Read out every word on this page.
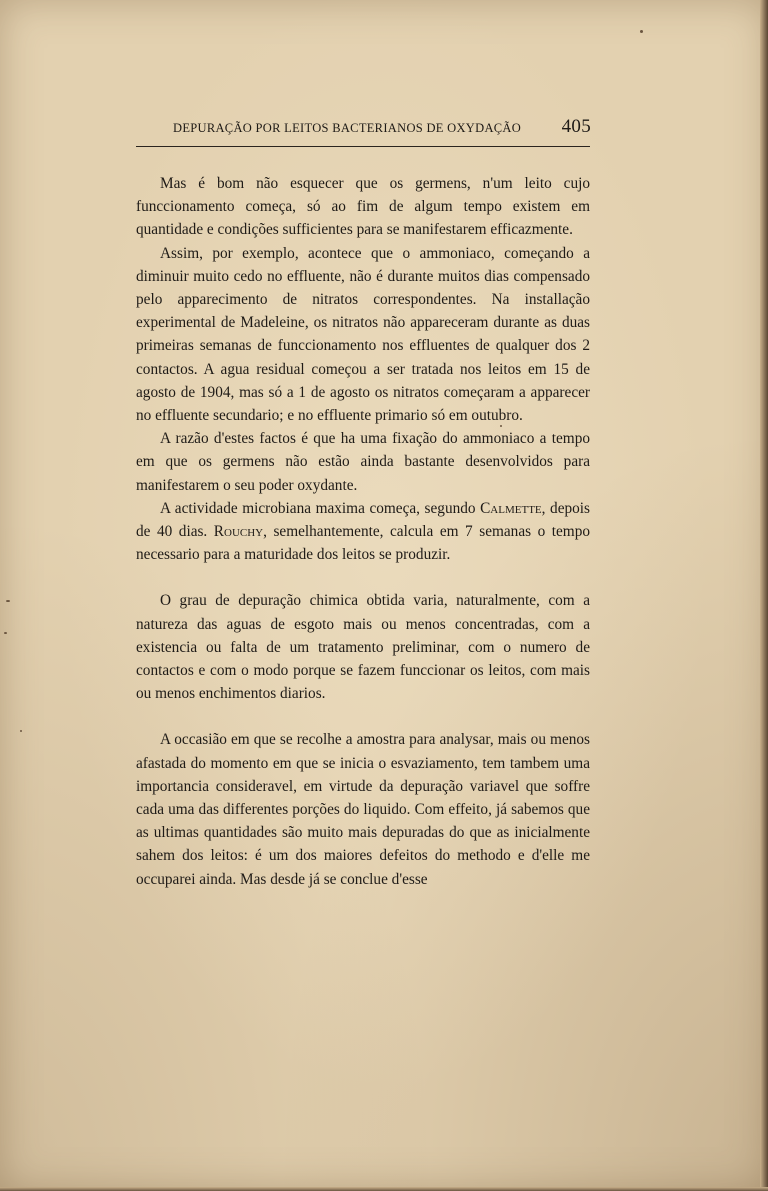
DEPURAÇÃO POR LEITOS BACTERIANOS DE OXYDAÇÃO 405

Mas é bom não esquecer que os germens, n'um leito cujo funccionamento começa, só ao fim de algum tempo existem em quantidade e condições sufficientes para se manifestarem efficazmente.

Assim, por exemplo, acontece que o ammoniaco, começando a diminuir muito cedo no effluente, não é durante muitos dias compensado pelo apparecimento de nitratos correspondentes. Na installação experimental de Madeleine, os nitratos não appareceram durante as duas primeiras semanas de funccionamento nos effluentes de qualquer dos 2 contactos. A agua residual começou a ser tratada nos leitos em 15 de agosto de 1904, mas só a 1 de agosto os nitratos começaram a apparecer no effluente secundario; e no effluente primario só em outubro.

A razão d'estes factos é que ha uma fixação do ammoniaco a tempo em que os germens não estão ainda bastante desenvolvidos para manifestarem o seu poder oxydante.

A actividade microbiana maxima começa, segundo Calmette, depois de 40 dias. Rouchy, semelhantemente, calcula em 7 semanas o tempo necessario para a maturidade dos leitos se produzir.

O grau de depuração chimica obtida varia, naturalmente, com a natureza das aguas de esgoto mais ou menos concentradas, com a existencia ou falta de um tratamento preliminar, com o numero de contactos e com o modo porque se fazem funccionar os leitos, com mais ou menos enchimentos diarios.

A occasião em que se recolhe a amostra para analysar, mais ou menos afastada do momento em que se inicia o esvaziamento, tem tambem uma importancia consideravel, em virtude da depuração variavel que soffre cada uma das differentes porções do liquido. Com effeito, já sabemos que as ultimas quantidades são muito mais depuradas do que as inicialmente sahem dos leitos: é um dos maiores defeitos do methodo e d'elle me occuparei ainda. Mas desde já se conclue d'esse
